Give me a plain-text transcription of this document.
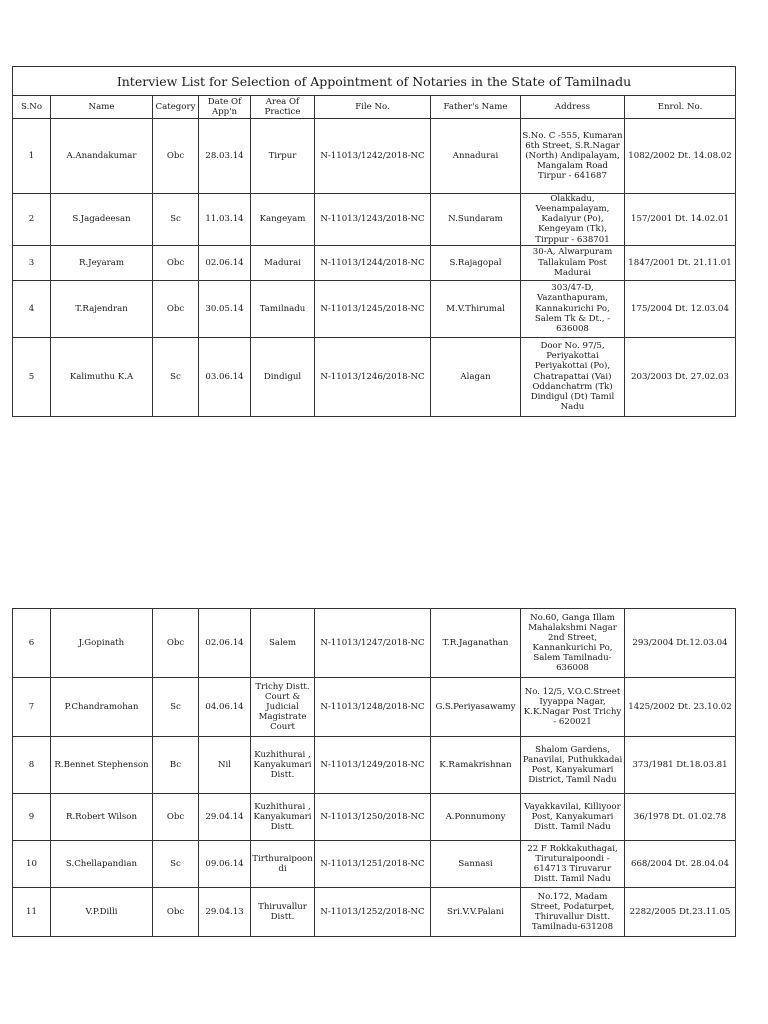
Interview List for Selection of Appointment of Notaries in the State of Tamilnadu								
S.No	Name	Category	Date Of App'n	Area Of Practice	File No.	Father's Name	Address	Enrol. No.
1	A.Anandakumar	Obc	28.03.14	Tirpur	N-11013/1242/2018-NC	Annadurai	S.No. C -555, Kumaran 6th Street, S.R.Nagar (North) Andipalayam, Mangalam Road Tirpur - 641687	1082/2002 Dt. 14.08.02
2	S.Jagadeesan	Sc	11.03.14	Kangeyam	N-11013/1243/2018-NC	N.Sundaram	Olakkadu, Veenampalayam, Kadaiyur (Po), Kengeyam (Tk), Tirppur - 638701	157/2001 Dt. 14.02.01
3	R.Jeyaram	Obc	02.06.14	Madurai	N-11013/1244/2018-NC	S.Rajagopal	30-A, Alwarpuram Tallakulam Post Madurai	1847/2001 Dt. 21.11.01
4	T.Rajendran	Obc	30.05.14	Tamilnadu	N-11013/1245/2018-NC	M.V.Thirumal	303/47-D, Vazanthapuram, Kannakurichi Po, Salem Tk & Dt., - 636008	175/2004 Dt. 12.03.04
5	Kalimuthu K.A	Sc	03.06.14	Dindigul	N-11013/1246/2018-NC	Alagan	Door No. 97/5, Periyakottai Periyakottai (Po), Chatrapattai (Vai) Oddanchatrm (Tk) Dindigul (Dt) Tamil Nadu	203/2003 Dt. 27.02.03
6	J.Gopinath	Obc	02.06.14	Salem	N-11013/1247/2018-NC	T.R.Jaganathan	No.60, Ganga Illam Mahalakshmi Nagar 2nd Street, Kannankurichi Po, Salem Tamilnadu-636008	293/2004 Dt.12.03.04
7	P.Chandramohan	Sc	04.06.14	Trichy Distt. Court & Judicial Magistrate Court	N-11013/1248/2018-NC	G.S.Periyasawamy	No. 12/5, V.O.C.Street Iyyappa Nagar, K.K.Nagar Post Trichy - 620021	1425/2002 Dt. 23.10.02
8	R.Bennet Stephenson	Bc	Nil	Kuzhithurai , Kanyakumari Distt.	N-11013/1249/2018-NC	K.Ramakrishnan	Shalom Gardens, Panavilai, Puthukkadai Post, Kanyakumari District, Tamil Nadu	373/1981 Dt.18.03.81
9	R.Robert Wilson	Obc	29.04.14	Kuzhithurai , Kanyakumari Distt.	N-11013/1250/2018-NC	A.Ponnumony	Vayakkavilai, Killiyoor Post, Kanyakumari Distt. Tamil Nadu	36/1978 Dt. 01.02.78
10	S.Chellapandian	Sc	09.06.14	Tirthuraipoondi	N-11013/1251/2018-NC	Sannasi	22 F Rokkakuthagai, Tiruturaipoondi - 614713 Tiruvarur Distt. Tamil Nadu	668/2004 Dt. 28.04.04
11	V.P.Dilli	Obc	29.04.13	Thiruvallur Distt.	N-11013/1252/2018-NC	Sri.V.V.Palani	No.172, Madam Street, Podaturpet, Thiruvallur Distt. Tamilnadu-631208	2282/2005 Dt.23.11.05
